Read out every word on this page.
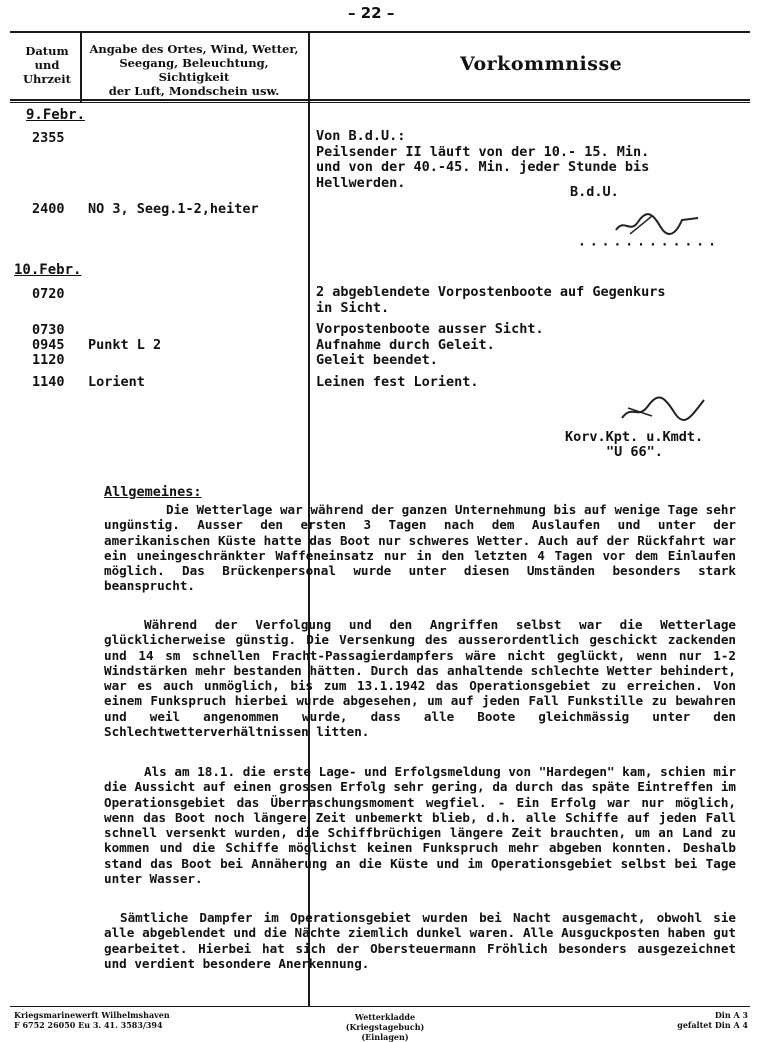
– 22 –
Datum
und
Uhrzeit
Angabe des Ortes, Wind, Wetter,
Seegang, Beleuchtung, Sichtigkeit
der Luft, Mondschein usw.
Vorkommnisse
9.Febr.
2355	Von B.d.U.:
Peilsender II läuft von der 10.- 15. Min.
und von der 40.-45. Min. jeder Stunde bis
Hellwerden.
B.d.U.
2400 NO 3, Seeg.1-2,heiter
············
10.Febr.
0720	2 abgeblendete Vorpostenboote auf Gegenkurs
in Sicht.
0730	Vorpostenboote ausser Sicht.
0945 Punkt L 2	Aufnahme durch Geleit.
1120	Geleit beendet.
1140 Lorient	Leinen fest Lorient.
Korv.Kpt. u.Kmdt.
"U 66".
Allgemeines:
Die Wetterlage war während der ganzen Unternehmung bis auf wenige Tage sehr ungünstig. Ausser den ersten 3 Tagen nach dem Auslaufen und unter der amerikanischen Küste hatte das Boot nur schweres Wetter. Auch auf der Rückfahrt war ein uneingeschränkter Waffeneinsatz nur in den letzten 4 Tagen vor dem Einlaufen möglich. Das Brückenpersonal wurde unter diesen Umständen besonders stark beansprucht.
Während der Verfolgung und den Angriffen selbst war die Wetterlage glücklicherweise günstig. Die Versenkung des ausserordentlich geschickt zackenden und 14 sm schnellen Fracht-Passagierdampfers wäre nicht geglückt, wenn nur 1-2 Windstärken mehr bestanden hätten. Durch das anhaltende schlechte Wetter behindert, war es auch unmöglich, bis zum 13.1.1942 das Operationsgebiet zu erreichen. Von einem Funkspruch hierbei wurde abgesehen, um auf jeden Fall Funkstille zu bewahren und weil angenommen wurde, dass alle Boote gleichmässig unter den Schlechtwetterverhältnissen litten.
Als am 18.1. die erste Lage- und Erfolgsmeldung von "Hardegen" kam, schien mir die Aussicht auf einen grossen Erfolg sehr gering, da durch das späte Eintreffen im Operationsgebiet das Überraschungsmoment wegfiel. - Ein Erfolg war nur möglich, wenn das Boot noch längere Zeit unbemerkt blieb, d.h. alle Schiffe auf jeden Fall schnell versenkt wurden, die Schiffbrüchigen längere Zeit brauchten, um an Land zu kommen und die Schiffe möglichst keinen Funkspruch mehr abgeben konnten. Deshalb stand das Boot bei Annäherung an die Küste und im Operationsgebiet selbst bei Tage unter Wasser.
Sämtliche Dampfer im Operationsgebiet wurden bei Nacht ausgemacht, obwohl sie alle abgeblendet und die Nächte ziemlich dunkel waren. Alle Ausguckposten haben gut gearbeitet. Hierbei hat sich der Obersteuermann Fröhlich besonders ausgezeichnet und verdient besondere Anerkennung.
Kriegsmarinewerft Wilhelmshaven
F 6752 26050 Eu 3. 41. 3583/394
Wetterkladde (Kriegstagebuch)
(Einlagen)
Din A 3
gefaltet Din A 4
